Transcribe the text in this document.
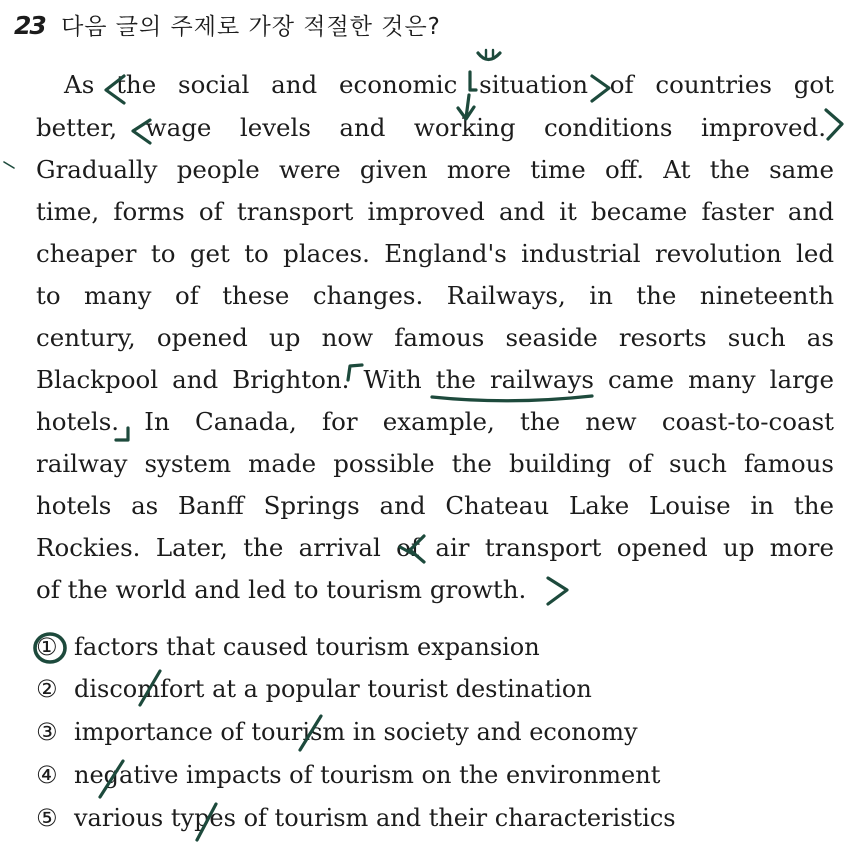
23 다음 글의 주제로 가장 적절한 것은?
As the social and economic situation of countries got
better, wage levels and working conditions improved.
Gradually people were given more time off. At the same
time, forms of transport improved and it became faster and
cheaper to get to places. England's industrial revolution led
to many of these changes. Railways, in the nineteenth
century, opened up now famous seaside resorts such as
Blackpool and Brighton. With the railways came many large
hotels. In Canada, for example, the new coast-to-coast
railway system made possible the building of such famous
hotels as Banff Springs and Chateau Lake Louise in the
Rockies. Later, the arrival of air transport opened up more
of the world and led to tourism growth.
① factors that caused tourism expansion
② discomfort at a popular tourist destination
③ importance of tourism in society and economy
④ negative impacts of tourism on the environment
⑤ various types of tourism and their characteristics
